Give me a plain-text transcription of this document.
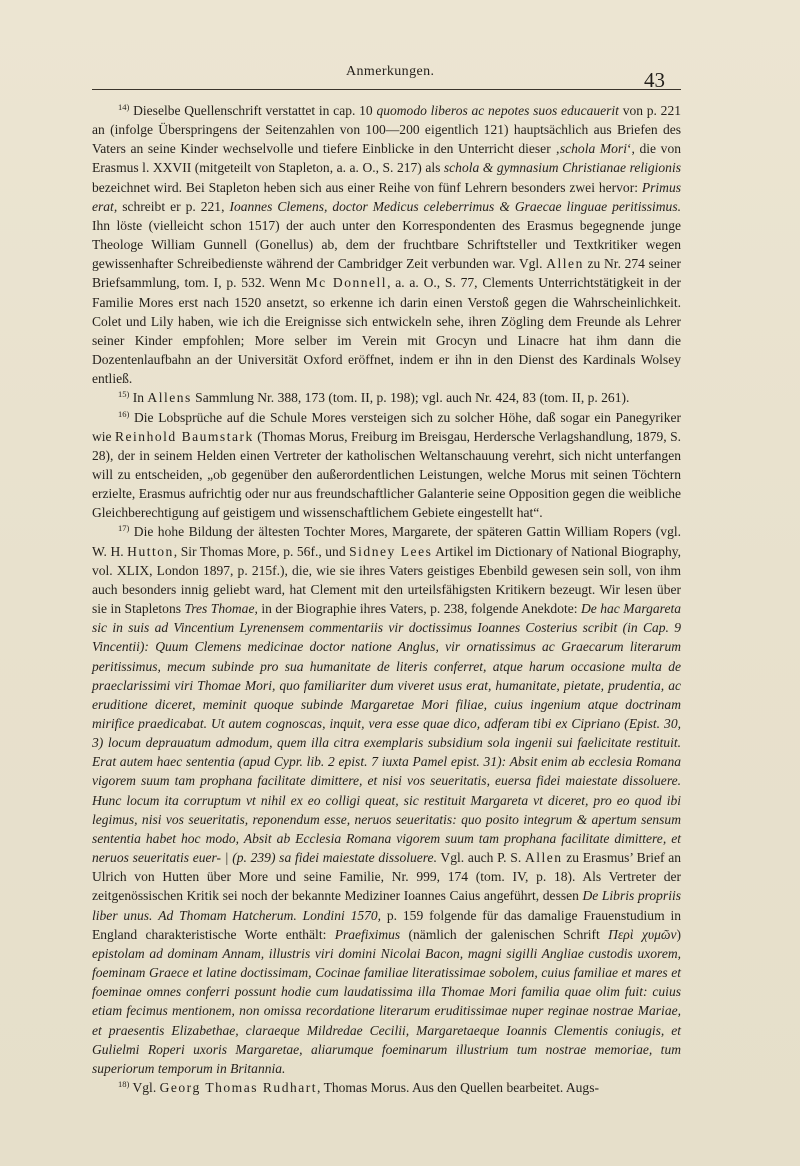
Anmerkungen.	43

$^{14)}$ Dieselbe Quellenschrift verstattet in cap. 10 quomodo liberos ac nepotes suos educauerit von p. 221 an (infolge Überspringens der Seitenzahlen von 100—200 eigentlich 121) hauptsächlich aus Briefen des Vaters an seine Kinder wechselvolle und tiefere Einblicke in den Unterricht dieser ‚schola Mori‘, die von Erasmus l. XXVII (mitgeteilt von Stapleton, a. a. O., S. 217) als schola & gymnasium Christianae religionis bezeichnet wird. Bei Stapleton heben sich aus einer Reihe von fünf Lehrern besonders zwei hervor: Primus erat, schreibt er p. 221, Ioannes Clemens, doctor Medicus celeberrimus & Graecae linguae peritissimus. Ihn löste (vielleicht schon 1517) der auch unter den Korrespondenten des Erasmus begegnende junge Theologe William Gunnell (Gonellus) ab, dem der fruchtbare Schriftsteller und Textkritiker wegen gewissenhafter Schreibedienste während der Cambridger Zeit verbunden war. Vgl. Allen zu Nr. 274 seiner Briefsammlung, tom. I, p. 532. Wenn Mc Donnell, a. a. O., S. 77, Clements Unterrichtstätigkeit in der Familie Mores erst nach 1520 ansetzt, so erkenne ich darin einen Verstoß gegen die Wahrscheinlichkeit. Colet und Lily haben, wie ich die Ereignisse sich entwickeln sehe, ihren Zögling dem Freunde als Lehrer seiner Kinder empfohlen; More selber im Verein mit Grocyn und Linacre hat ihm dann die Dozentenlaufbahn an der Universität Oxford eröffnet, indem er ihn in den Dienst des Kardinals Wolsey entließ.

$^{15)}$ In Allens Sammlung Nr. 388, 173 (tom. II, p. 198); vgl. auch Nr. 424, 83 (tom. II, p. 261).

$^{16)}$ Die Lobsprüche auf die Schule Mores versteigen sich zu solcher Höhe, daß sogar ein Panegyriker wie Reinhold Baumstark (Thomas Morus, Freiburg im Breisgau, Herdersche Verlagshandlung, 1879, S. 28), der in seinem Helden einen Vertreter der katholischen Weltanschauung verehrt, sich nicht unterfangen will zu entscheiden, „ob gegenüber den außerordentlichen Leistungen, welche Morus mit seinen Töchtern erzielte, Erasmus aufrichtig oder nur aus freundschaftlicher Galanterie seine Opposition gegen die weibliche Gleichberechtigung auf geistigem und wissenschaftlichem Gebiete eingestellt hat“.

$^{17)}$ Die hohe Bildung der ältesten Tochter Mores, Margarete, der späteren Gattin William Ropers (vgl. W. H. Hutton, Sir Thomas More, p. 56f., und Sidney Lees Artikel im Dictionary of National Biography, vol. XLIX, London 1897, p. 215f.), die, wie sie ihres Vaters geistiges Ebenbild gewesen sein soll, von ihm auch besonders innig geliebt ward, hat Clement mit den urteilsfähigsten Kritikern bezeugt. Wir lesen über sie in Stapletons Tres Thomae, in der Biographie ihres Vaters, p. 238, folgende Anekdote: De hac Margareta sic in suis ad Vincentium Lyrenensem commentariis vir doctissimus Ioannes Costerius scribit (in Cap. 9 Vincentii): Quum Clemens medicinae doctor natione Anglus, vir ornatissimus ac Graecarum literarum peritissimus, mecum subinde pro sua humanitate de literis conferret, atque harum occasione multa de praeclarissimi viri Thomae Mori, quo familiariter dum viveret usus erat, humanitate, pietate, prudentia, ac eruditione diceret, meminit quoque subinde Margaretae Mori filiae, cuius ingenium atque doctrinam mirifice praedicabat. Ut autem cognoscas, inquit, vera esse quae dico, adferam tibi ex Cipriano (Epist. 30, 3) locum deprauatum admodum, quem illa citra exemplaris subsidium sola ingenii sui faelicitate restituit. Erat autem haec sententia (apud Cypr. lib. 2 epist. 7 iuxta Pamel epist. 31): Absit enim ab ecclesia Romana vigorem suum tam prophana facilitate dimittere, et nisi vos seueritatis, euersa fidei maiestate dissoluere. Hunc locum ita corruptum vt nihil ex eo colligi queat, sic restituit Margareta vt diceret, pro eo quod ibi legimus, nisi vos seueritatis, reponendum esse, neruos seueritatis: quo posito integrum & apertum sensum sententia habet hoc modo, Absit ab Ecclesia Romana vigorem suum tam prophana facilitate dimittere, et neruos seueritatis euer- | (p. 239) sa fidei maiestate dissoluere. Vgl. auch P. S. Allen zu Erasmus’ Brief an Ulrich von Hutten über More und seine Familie, Nr. 999, 174 (tom. IV, p. 18). Als Vertreter der zeitgenössischen Kritik sei noch der bekannte Mediziner Ioannes Caius angeführt, dessen De Libris propriis liber unus. Ad Thomam Hatcherum. Londini 1570, p. 159 folgende für das damalige Frauenstudium in England charakteristische Worte enthält: Praefiximus (nämlich der galenischen Schrift Περὶ χυμῶν) epistolam ad dominam Annam, illustris viri domini Nicolai Bacon, magni sigilli Angliae custodis uxorem, foeminam Graece et latine doctissimam, Cocinae familiae literatissimae sobolem, cuius familiae et mares et foeminae omnes conferri possunt hodie cum laudatissima illa Thomae Mori familia quae olim fuit: cuius etiam fecimus mentionem, non omissa recordatione literarum eruditissimae nuper reginae nostrae Mariae, et praesentis Elizabethae, claraeque Mildredae Cecilii, Margaretaeque Ioannis Clementis coniugis, et Gulielmi Roperi uxoris Margaretae, aliarumque foeminarum illustrium tum nostrae memoriae, tum superiorum temporum in Britannia.

$^{18)}$ Vgl. Georg Thomas Rudhart, Thomas Morus. Aus den Quellen bearbeitet. Augs-
